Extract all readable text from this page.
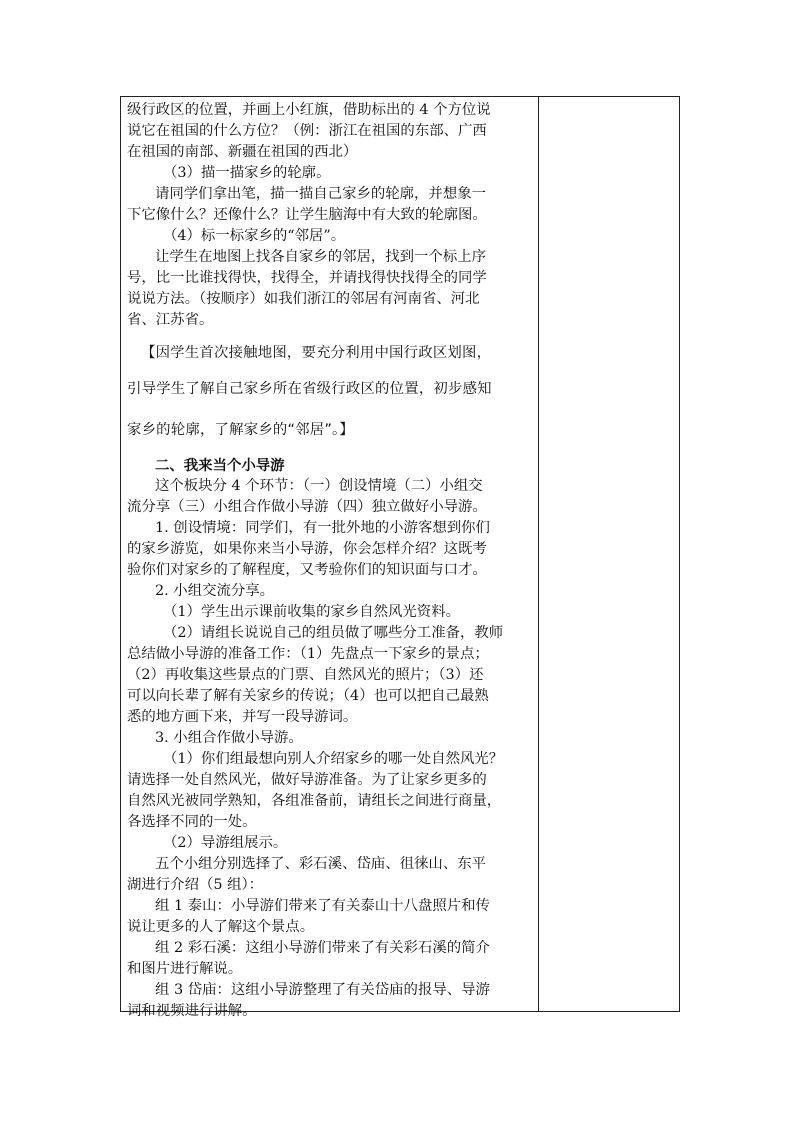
级行政区的位置，并画上小红旗，借助标出的 4 个方位说

说它在祖国的什么方位？（例：浙江在祖国的东部、广西

在祖国的南部、新疆在祖国的西北）

（3）描一描家乡的轮廓。

请同学们拿出笔，描一描自己家乡的轮廓，并想象一

下它像什么？还像什么？让学生脑海中有大致的轮廓图。

（4）标一标家乡的“邻居”。

让学生在地图上找各自家乡的邻居，找到一个标上序

号，比一比谁找得快，找得全，并请找得快找得全的同学

说说方法。（按顺序）如我们浙江的邻居有河南省、河北

省、江苏省。

【因学生首次接触地图，要充分利用中国行政区划图，

引导学生了解自己家乡所在省级行政区的位置，初步感知

家乡的轮廓，了解家乡的“邻居”。】

二、我来当个小导游

这个板块分 4 个环节：（一）创设情境（二）小组交

流分享（三）小组合作做小导游（四）独立做好小导游。

1. 创设情境：同学们，有一批外地的小游客想到你们

的家乡游览，如果你来当小导游，你会怎样介绍？这既考

验你们对家乡的了解程度，又考验你们的知识面与口才。

2. 小组交流分享。

（1）学生出示课前收集的家乡自然风光资料。

（2）请组长说说自己的组员做了哪些分工准备，教师

总结做小导游的准备工作：（1）先盘点一下家乡的景点；

（2）再收集这些景点的门票、自然风光的照片；（3）还

可以向长辈了解有关家乡的传说；（4）也可以把自己最熟

悉的地方画下来，并写一段导游词。

3. 小组合作做小导游。

（1）你们组最想向别人介绍家乡的哪一处自然风光？

请选择一处自然风光，做好导游准备。为了让家乡更多的

自然风光被同学熟知，各组准备前，请组长之间进行商量，

各选择不同的一处。

（2）导游组展示。

五个小组分别选择了、彩石溪、岱庙、徂徕山、东平

湖进行介绍（5 组）：

组 1 泰山：小导游们带来了有关泰山十八盘照片和传

说让更多的人了解这个景点。

组 2 彩石溪：这组小导游们带来了有关彩石溪的简介

和图片进行解说。

组 3 岱庙：这组小导游整理了有关岱庙的报导、导游

词和视频进行讲解。
